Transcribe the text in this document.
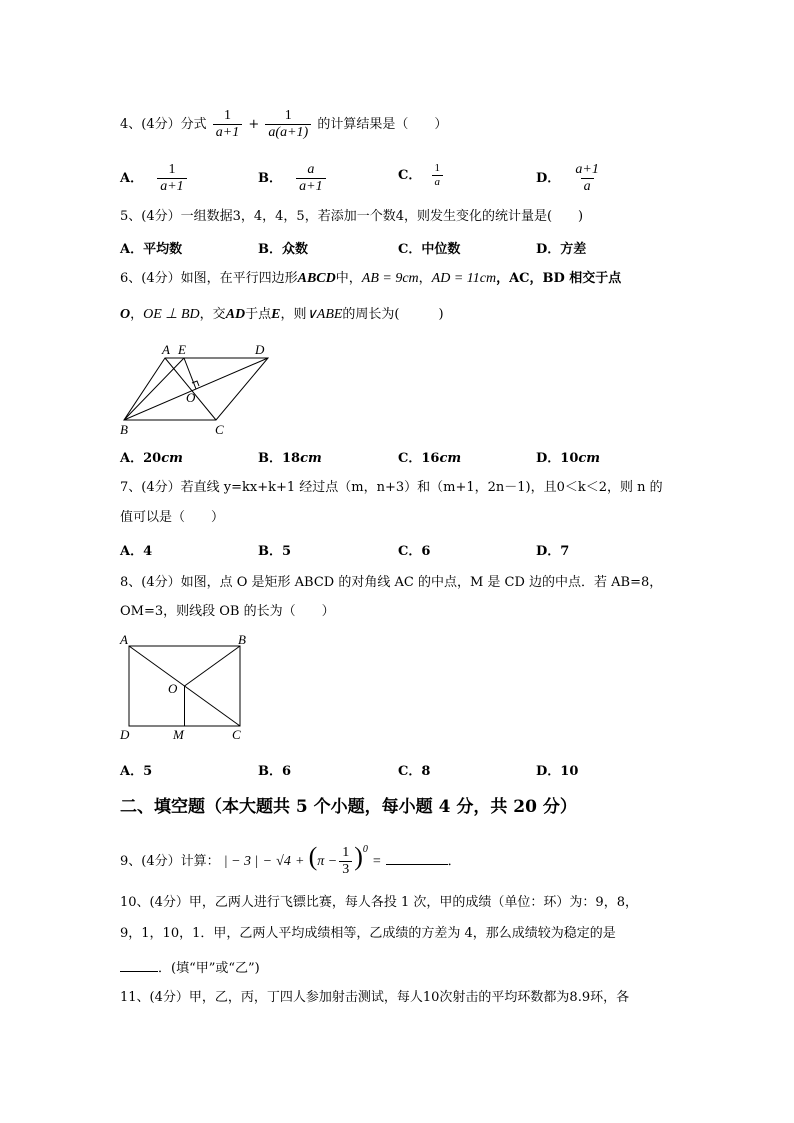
4、(4分）分式 $\frac{1}{a+1} + \frac{1}{a(a+1)}$ 的计算结果是（　　）
A． $\frac{1}{a+1}$	B． $\frac{a}{a+1}$	C． $\frac{1}{a}$	D． $\frac{a+1}{a}$
5、(4分）一组数据3，4，4，5，若添加一个数4，则发生变化的统计量是(　　)
A．平均数	B．众数	C．中位数	D．方差
6、(4分）如图，在平行四边形ABCD中，AB = 9cm，AD = 11cm，AC，BD 相交于点
O，OE ⊥ BD，交AD于点E，则∨ABE的周长为(　　　)
A E	D
O
B	C
A．20cm	B．18cm	C．16cm	D．10cm
7、(4分）若直线 y=kx+k+1 经过点（m，n+3）和（m+1，2n－1)，且0＜k＜2，则 n 的
值可以是（　　）
A．4	B．5	C．6	D．7
8、(4分）如图，点 O 是矩形 ABCD 的对角线 AC 的中点，M 是 CD 边的中点．若 AB=8，
OM=3，则线段 OB 的长为（　　）
A	B
O
D	M	C
A．5	B．6	C．8	D．10
二、填空题（本大题共 5 个小题，每小题 4 分，共 20 分）
9、(4分）计算： | − 3 | − $√4 + (\pi - \frac{1}{3} )^0$ =	．
10、(4分）甲，乙两人进行飞镖比赛，每人各投 1 次，甲的成绩（单位：环）为：9，8，
9，1，10，1．甲，乙两人平均成绩相等，乙成绩的方差为 4，那么成绩较为稳定的是
．(填“甲”或“乙”)
11、(4分）甲，乙，丙，丁四人参加射击测试，每人10次射击的平均环数都为8.9环，各
